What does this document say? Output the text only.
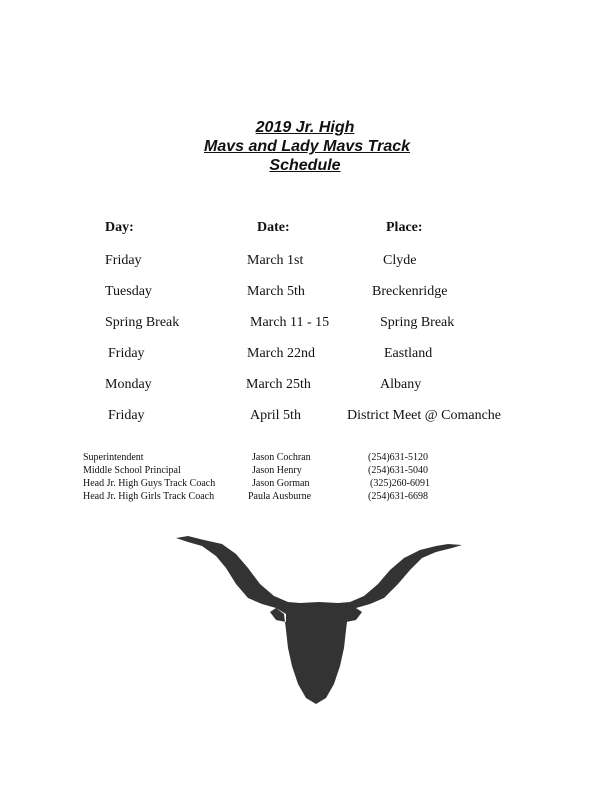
2019 Jr. High
Mavs and Lady Mavs Track
Schedule
Day:	Date:	Place:
Friday	March 1st	Clyde
Tuesday	March 5th	Breckenridge
Spring Break	March 11 - 15	Spring Break
Friday	March 22nd	Eastland
Monday	March 25th	Albany
Friday	April 5th	District Meet @ Comanche
Superintendent	Jason Cochran	(254)631-5120
Middle School Principal	Jason Henry	(254)631-5040
Head Jr. High Guys Track Coach	Jason Gorman	(325)260-6091
Head Jr. High Girls Track Coach	Paula Ausburne	(254)631-6698
